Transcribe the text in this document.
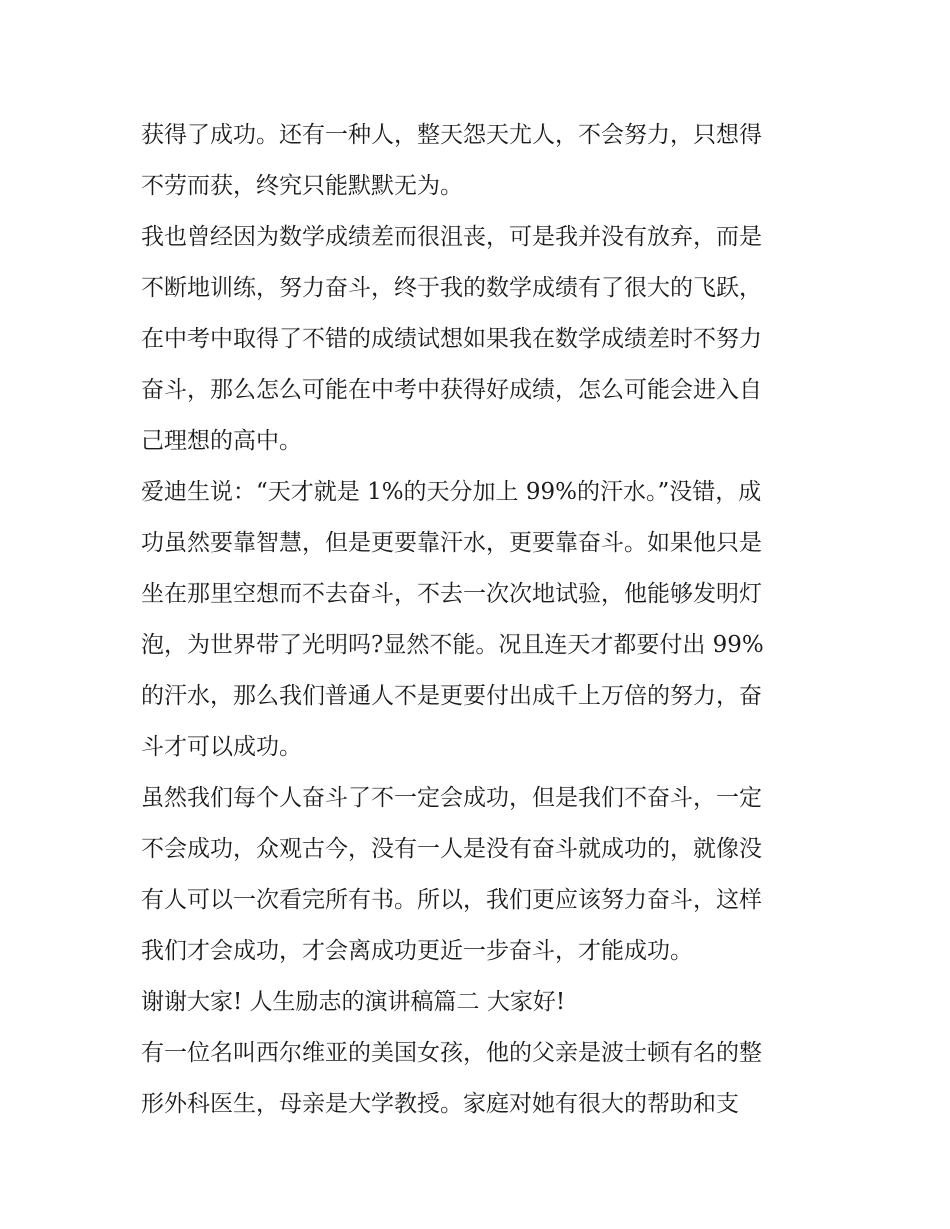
获得了成功。还有一种人，整天怨天尤人，不会努力，只想得
不劳而获，终究只能默默无为。
我也曾经因为数学成绩差而很沮丧，可是我并没有放弃，而是
不断地训练，努力奋斗，终于我的数学成绩有了很大的飞跃，
在中考中取得了不错的成绩试想如果我在数学成绩差时不努力
奋斗，那么怎么可能在中考中获得好成绩，怎么可能会进入自
己理想的高中。
爱迪生说：“天才就是 1%的天分加上 99%的汗水。”没错，成
功虽然要靠智慧，但是更要靠汗水，更要靠奋斗。如果他只是
坐在那里空想而不去奋斗，不去一次次地试验，他能够发明灯
泡，为世界带了光明吗?显然不能。况且连天才都要付出 99%
的汗水，那么我们普通人不是更要付出成千上万倍的努力，奋
斗才可以成功。
虽然我们每个人奋斗了不一定会成功，但是我们不奋斗，一定
不会成功，众观古今，没有一人是没有奋斗就成功的，就像没
有人可以一次看完所有书。所以，我们更应该努力奋斗，这样
我们才会成功，才会离成功更近一步奋斗，才能成功。
谢谢大家! 人生励志的演讲稿篇二 大家好!
有一位名叫西尔维亚的美国女孩，他的父亲是波士顿有名的整
形外科医生，母亲是大学教授。家庭对她有很大的帮助和支
